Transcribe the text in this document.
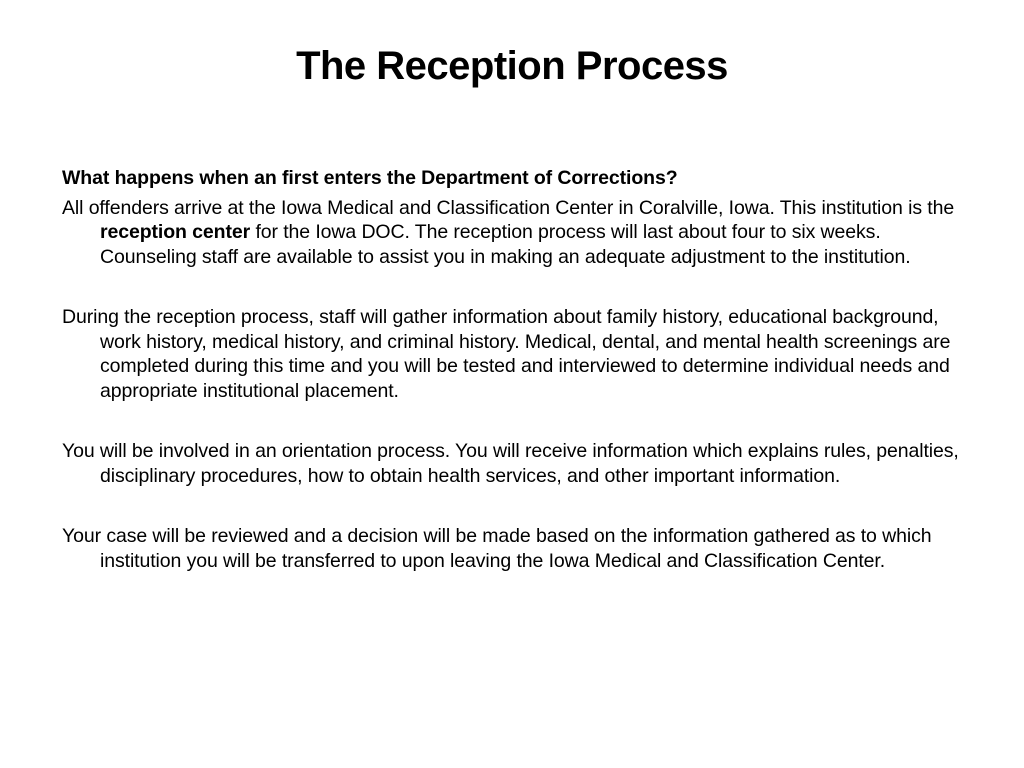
The Reception Process

What happens when an first enters the Department of Corrections?

All offenders arrive at the Iowa Medical and Classification Center in Coralville, Iowa. This institution is the reception center for the Iowa DOC. The reception process will last about four to six weeks. Counseling staff are available to assist you in making an adequate adjustment to the institution.

During the reception process, staff will gather information about family history, educational background, work history, medical history, and criminal history. Medical, dental, and mental health screenings are completed during this time and you will be tested and interviewed to determine individual needs and appropriate institutional placement.

You will be involved in an orientation process. You will receive information which explains rules, penalties, disciplinary procedures, how to obtain health services, and other important information.

Your case will be reviewed and a decision will be made based on the information gathered as to which institution you will be transferred to upon leaving the Iowa Medical and Classification Center.
